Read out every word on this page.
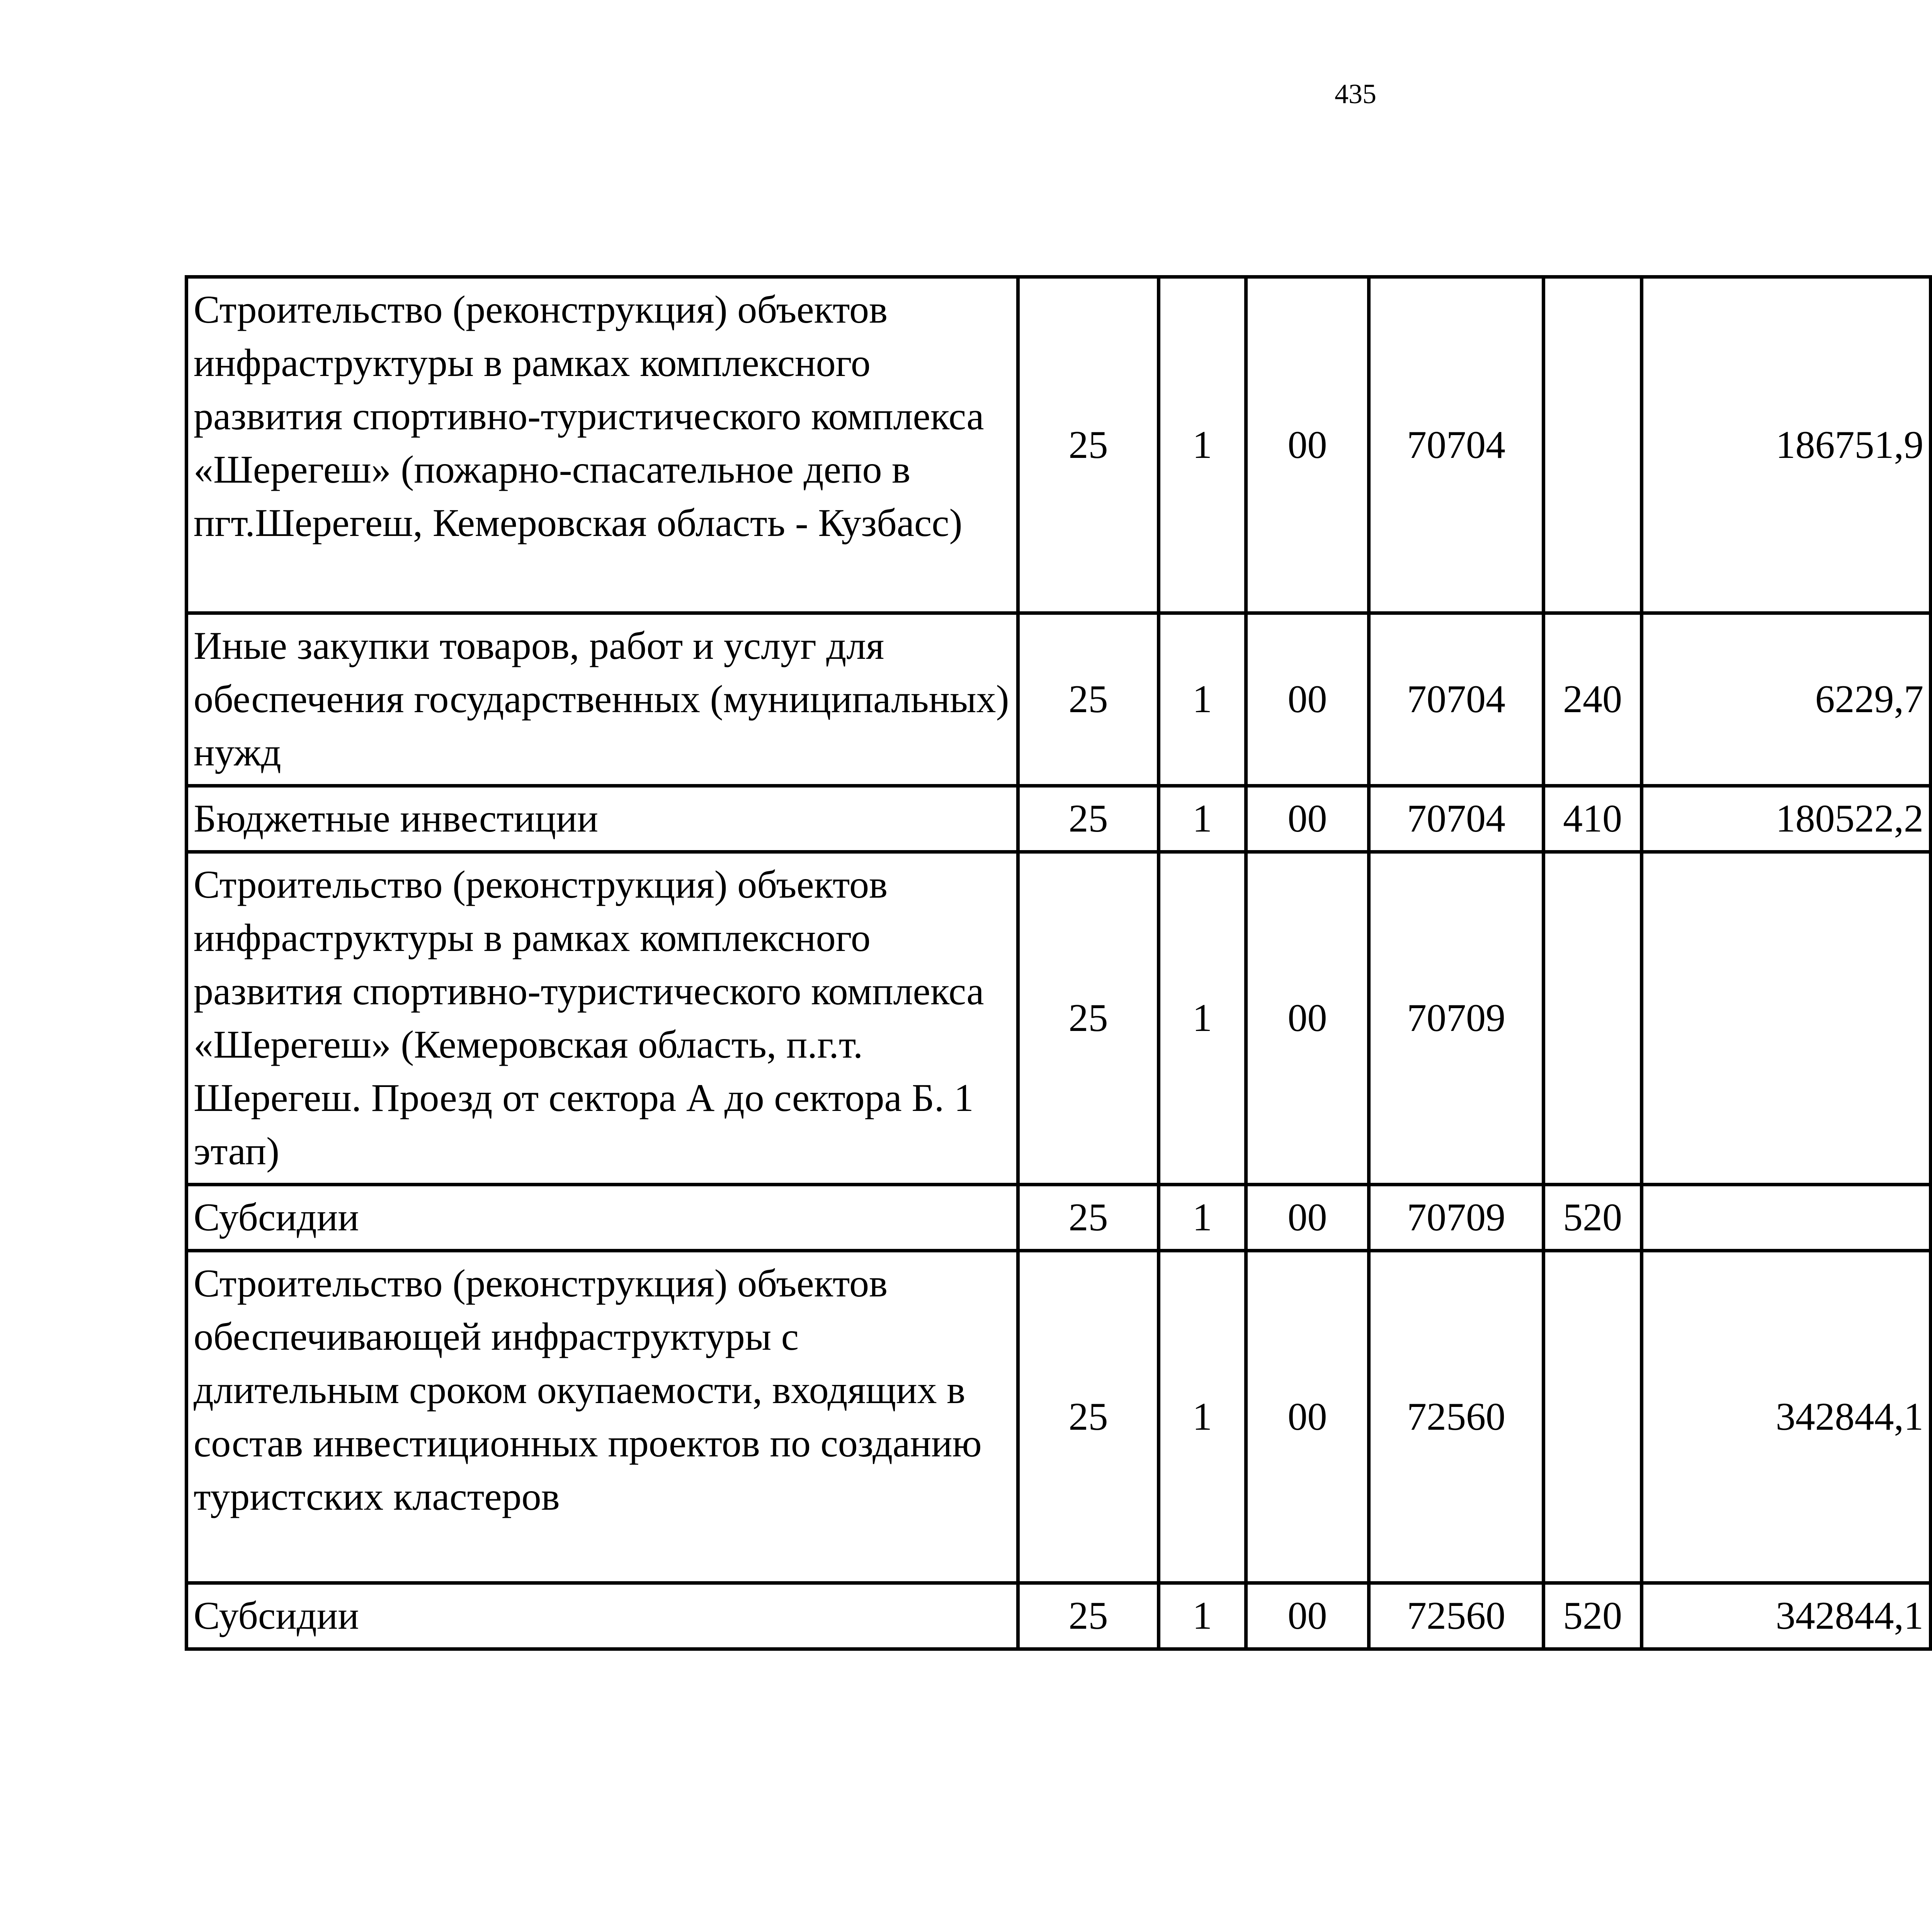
435
Строительство (реконструкция) объектов инфраструктуры в рамках комплексного развития спортивно-туристического комплекса «Шерегеш» (пожарно-спасательное депо в пгт.Шерегеш, Кемеровская область - Кузбасс)	25	1	00	70704		186751,9		
Иные закупки товаров, работ и услуг для обеспечения государственных (муниципальных) нужд	25	1	00	70704	240	6229,7		
Бюджетные инвестиции	25	1	00	70704	410	180522,2		
Строительство (реконструкция) объектов инфраструктуры в рамках комплексного развития спортивно-туристического комплекса «Шерегеш» (Кемеровская область, п.г.т. Шерегеш. Проезд от сектора А до сектора Б. 1 этап)	25	1	00	70709				
Субсидии	25	1	00	70709	520			
Строительство (реконструкция) объектов обеспечивающей инфраструктуры с длительным сроком окупаемости, входящих в состав инвестиционных проектов по созданию туристских кластеров	25	1	00	72560		342844,1		
Субсидии	25	1	00	72560	520	342844,1		
